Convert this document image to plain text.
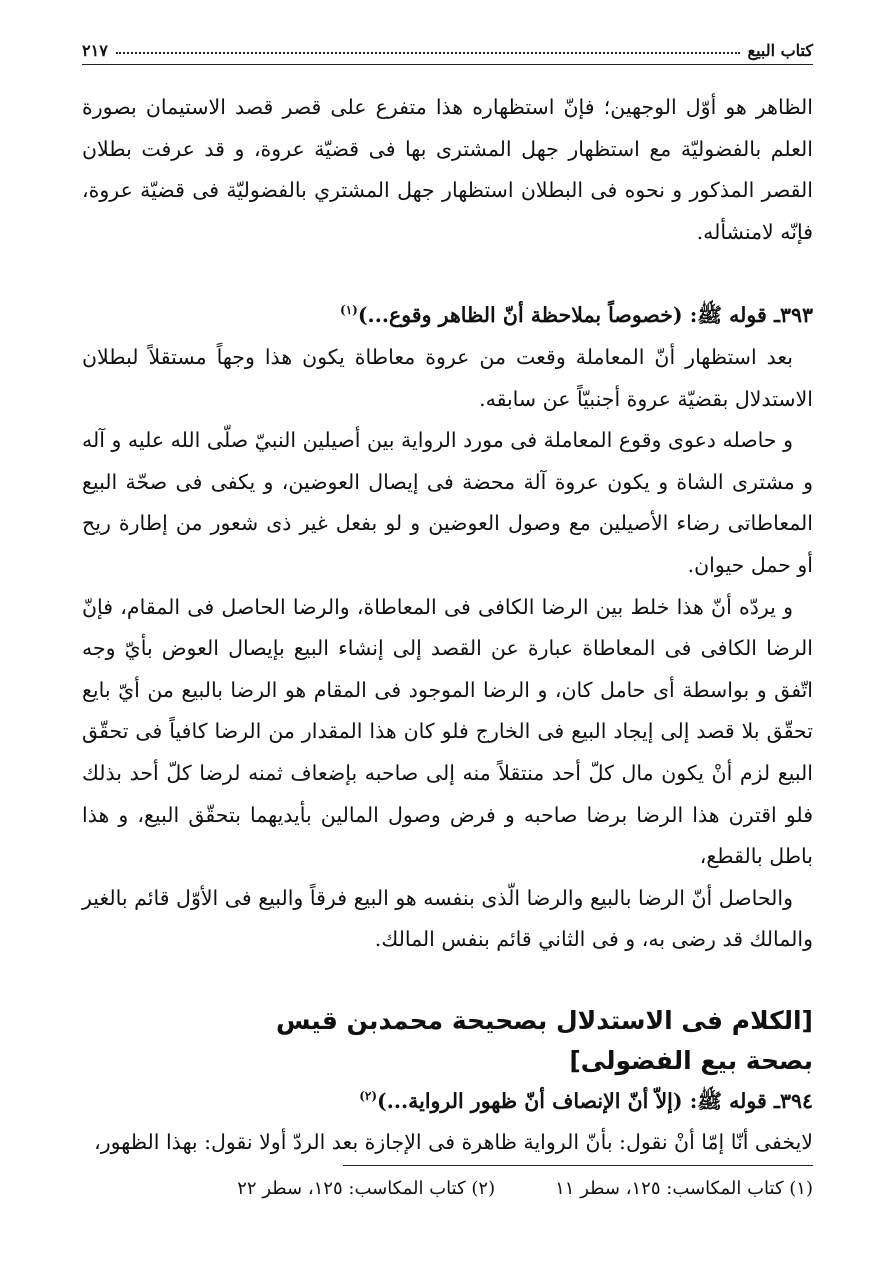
كتاب البيع
٢١٧

الظاهر هو أوّل الوجهين؛ فإنّ استظهاره هذا متفرع على قصر قصد الاستيمان بصورة العلم بالفضوليّة مع استظهار جهل المشترى بها فى قضيّة عروة، و قد عرفت بطلان القصر المذكور و نحوه فى البطلان استظهار جهل المشتري بالفضوليّة فى قضيّة عروة، فإنّه لامنشأله.

٣٩٣ـ قوله ﷺ: (خصوصاً بملاحظة أنّ الظاهر وقوع...)$^{(١)}$

بعد استظهار أنّ المعاملة وقعت من عروة معاطاة يكون هذا وجهاً مستقلاً لبطلان الاستدلال بقضيّة عروة أجنبيّاً عن سابقه.

و حاصله دعوى وقوع المعاملة فى مورد الرواية بين أصيلين النبيّ صلّى الله عليه و آله و مشترى الشاة و يكون عروة آلة محضة فى إيصال العوضين، و يكفى فى صحّة البيع المعاطاتى رضاء الأصيلين مع وصول العوضين و لو بفعل غير ذى شعور من إطارة ريح أو حمل حيوان.

و يردّه أنّ هذا خلط بين الرضا الكافى فى المعاطاة، والرضا الحاصل فى المقام، فإنّ الرضا الكافى فى المعاطاة عبارة عن القصد إلى إنشاء البيع بإيصال العوض بأيّ وجه اتّفق و بواسطة أى حامل كان، و الرضا الموجود فى المقام هو الرضا بالبيع من أيّ بايع تحقّق بلا قصد إلى إيجاد البيع فى الخارج فلو كان هذا المقدار من الرضا كافياً فى تحقّق البيع لزم أنْ يكون مال كلّ أحد منتقلاً منه إلى صاحبه بإضعاف ثمنه لرضا كلّ أحد بذلك فلو اقترن هذا الرضا برضا صاحبه و فرض وصول المالين بأيديهما بتحقّق البيع، و هذا باطل بالقطع،

والحاصل أنّ الرضا بالبيع والرضا الّذى بنفسه هو البيع فرقاً والبيع فى الأوّل قائم بالغير والمالك قد رضى به، و فى الثاني قائم بنفس المالك.

[الكلام فى الاستدلال بصحيحة محمدبن قيس
بصحة بيع الفضولى]

٣٩٤ـ قوله ﷺ: (إلاّ أنّ الإنصاف أنّ ظهور الرواية...)$^{(٢)}$

لايخفى أنّا إمّا أنْ نقول: بأنّ الرواية ظاهرة فى الإجازة بعد الردّ أولا نقول: بهذا الظهور،

(١) كتاب المكاسب: ١٢٥، سطر ١١
(٢) كتاب المكاسب: ١٢٥، سطر ٢٢
